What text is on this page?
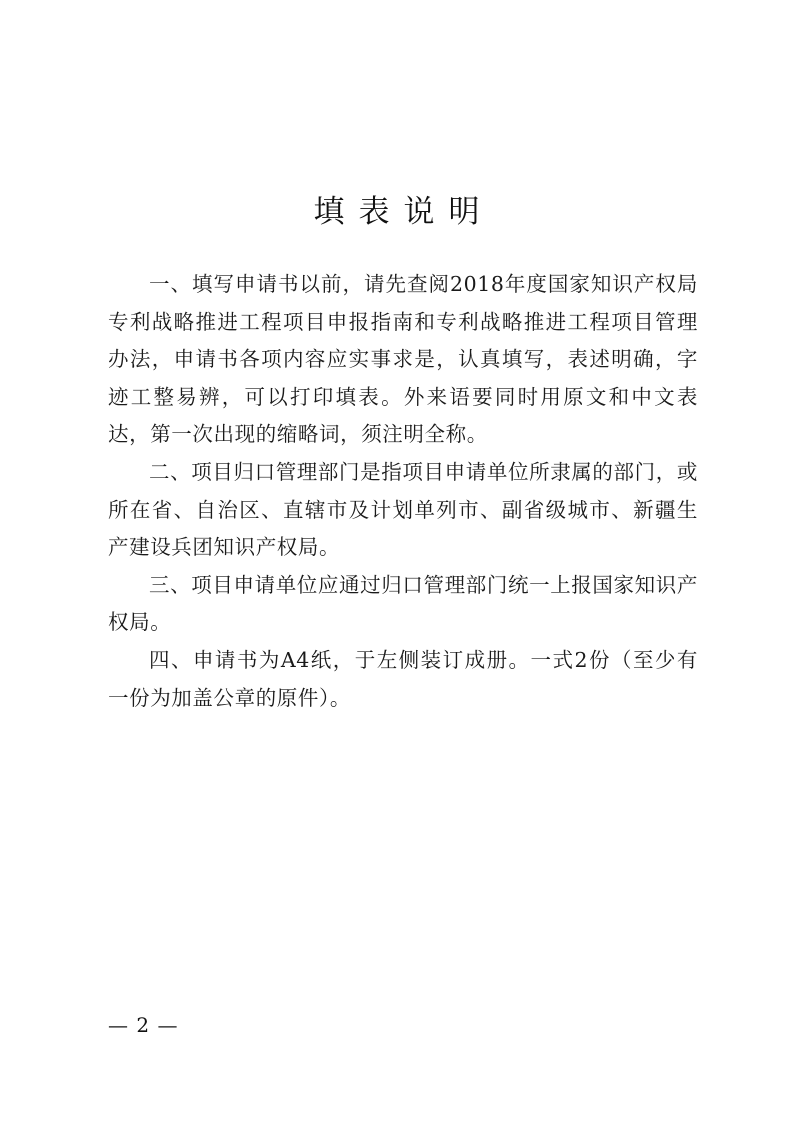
填表说明

一、填写申请书以前，请先查阅2018年度国家知识产权局专利战略推进工程项目申报指南和专利战略推进工程项目管理办法，申请书各项内容应实事求是，认真填写，表述明确，字迹工整易辨，可以打印填表。外来语要同时用原文和中文表达，第一次出现的缩略词，须注明全称。

二、项目归口管理部门是指项目申请单位所隶属的部门，或所在省、自治区、直辖市及计划单列市、副省级城市、新疆生产建设兵团知识产权局。

三、项目申请单位应通过归口管理部门统一上报国家知识产权局。

四、申请书为A4纸，于左侧装订成册。一式2份（至少有一份为加盖公章的原件）。

— 2 —
